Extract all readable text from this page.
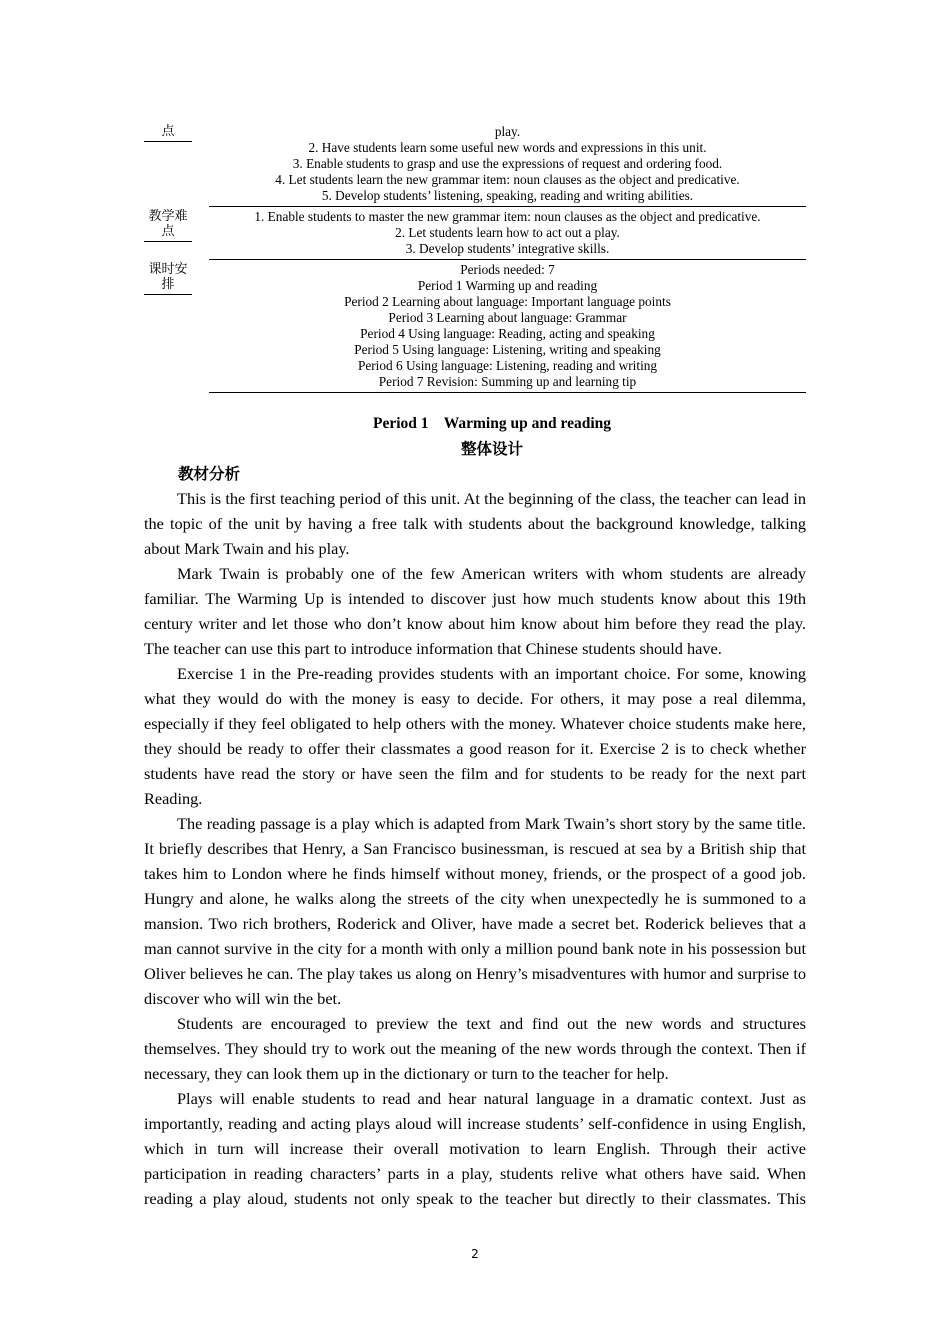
点	play.
2. Have students learn some useful new words and expressions in this unit.
3. Enable students to grasp and use the expressions of request and ordering food.
4. Let students learn the new grammar item: noun clauses as the object and predicative.
5. Develop students’ listening, speaking, reading and writing abilities.
教学难
点
1. Enable students to master the new grammar item: noun clauses as the object and predicative.
2. Let students learn how to act out a play.
3. Develop students’ integrative skills.
课时安
排
Periods needed: 7
Period 1 Warming up and reading
Period 2 Learning about language: Important language points
Period 3 Learning about language: Grammar
Period 4 Using language: Reading, acting and speaking
Period 5 Using language: Listening, writing and speaking
Period 6 Using language: Listening, reading and writing
Period 7 Revision: Summing up and learning tip
Period 1    Warming up and reading
整体设计
教材分析

This is the first teaching period of this unit. At the beginning of the class, the teacher can lead in the topic of the unit by having a free talk with students about the background knowledge, talking about Mark Twain and his play.

Mark Twain is probably one of the few American writers with whom students are already familiar. The Warming Up is intended to discover just how much students know about this 19th century writer and let those who don’t know about him know about him before they read the play. The teacher can use this part to introduce information that Chinese students should have.

Exercise 1 in the Pre-reading provides students with an important choice. For some, knowing what they would do with the money is easy to decide. For others, it may pose a real dilemma, especially if they feel obligated to help others with the money. Whatever choice students make here, they should be ready to offer their classmates a good reason for it. Exercise 2 is to check whether students have read the story or have seen the film and for students to be ready for the next part Reading.

The reading passage is a play which is adapted from Mark Twain’s short story by the same title. It briefly describes that Henry, a San Francisco businessman, is rescued at sea by a British ship that takes him to London where he finds himself without money, friends, or the prospect of a good job. Hungry and alone, he walks along the streets of the city when unexpectedly he is summoned to a mansion. Two rich brothers, Roderick and Oliver, have made a secret bet. Roderick believes that a man cannot survive in the city for a month with only a million pound bank note in his possession but Oliver believes he can. The play takes us along on Henry’s misadventures with humor and surprise to discover who will win the bet.

Students are encouraged to preview the text and find out the new words and structures themselves. They should try to work out the meaning of the new words through the context. Then if necessary, they can look them up in the dictionary or turn to the teacher for help.

Plays will enable students to read and hear natural language in a dramatic context. Just as importantly, reading and acting plays aloud will increase students’ self-confidence in using English, which in turn will increase their overall motivation to learn English. Through their active participation in reading characters’ parts in a play, students relive what others have said. When reading a play aloud, students not only speak to the teacher but directly to their classmates. This

2
